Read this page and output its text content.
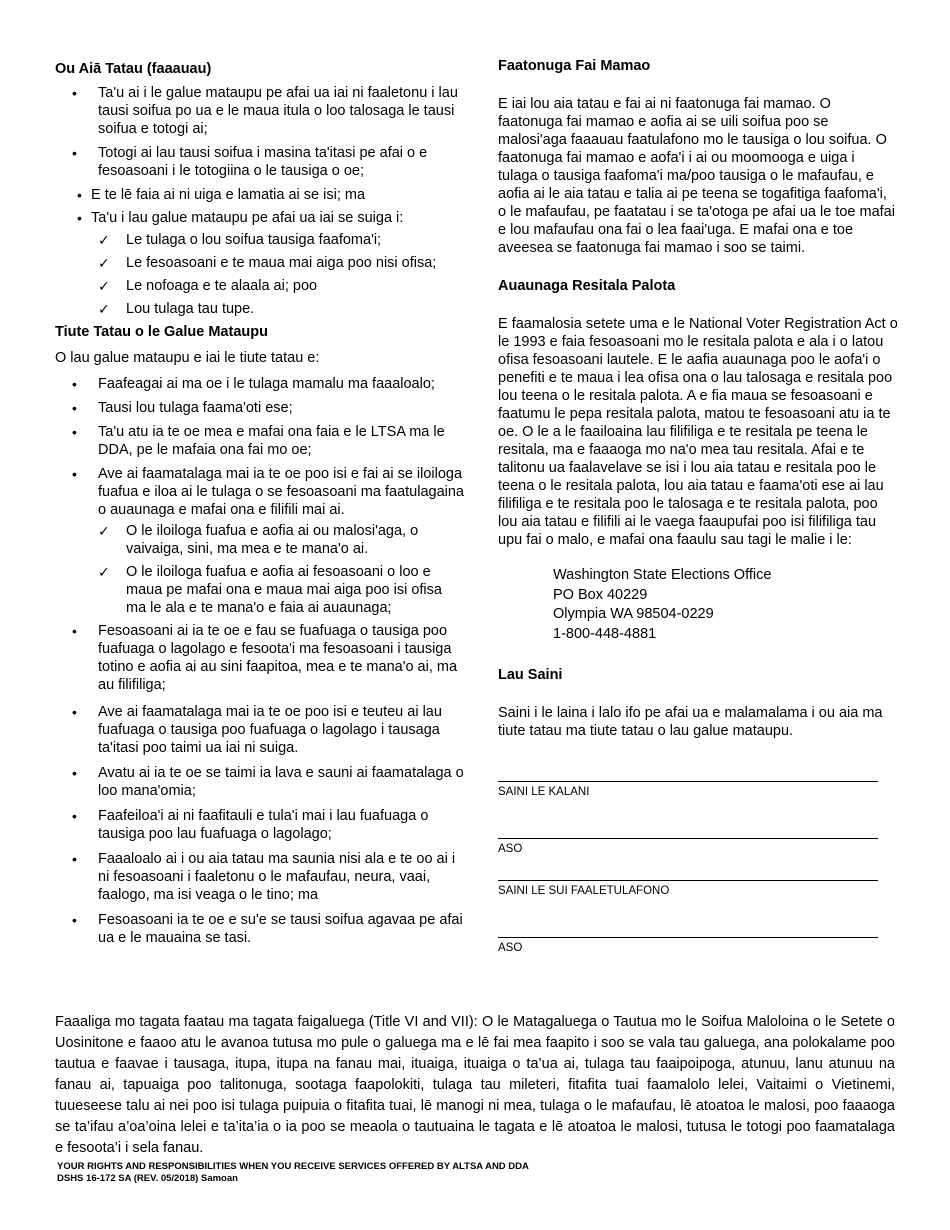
Ou Aiā Tatau (faaauau)
• Ta'u ai i le galue mataupu pe afai ua iai ni faaletonu i lau tausi soifua po ua e le maua itula o loo talosaga le tausi soifua e totogi ai;
• Totogi ai lau tausi soifua i masina ta'itasi pe afai o e fesoasoani i le totogiina o le tausiga o oe;
• E te lē faia ai ni uiga e lamatia ai se isi; ma
• Ta'u i lau galue mataupu pe afai ua iai se suiga i:
✓ Le tulaga o lou soifua tausiga faafoma'i;
✓ Le fesoasoani e te maua mai aiga poo nisi ofisa;
✓ Le nofoaga e te alaala ai; poo
✓ Lou tulaga tau tupe.
Tiute Tatau o le Galue Mataupu

O lau galue mataupu e iai le tiute tatau e:

• Faafeagai ai ma oe i le tulaga mamalu ma faaaloalo;
• Tausi lou tulaga faama'oti ese;
• Ta'u atu ia te oe mea e mafai ona faia e le LTSA ma le DDA, pe le mafaia ona fai mo oe;
• Ave ai faamatalaga mai ia te oe poo isi e fai ai se iloiloga fuafua e iloa ai le tulaga o se fesoasoani ma faatulagaina o auaunaga e mafai ona e filifili mai ai.
✓ O le iloiloga fuafua e aofia ai ou malosi'aga, o vaivaiga, sini, ma mea e te mana'o ai.
✓ O le iloiloga fuafua e aofia ai fesoasoani o loo e maua pe mafai ona e maua mai aiga poo isi ofisa ma le ala e te mana'o e faia ai auaunaga;
• Fesoasoani ai ia te oe e fau se fuafuaga o tausiga poo fuafuaga o lagolago e fesoota'i ma fesoasoani i tausiga totino e aofia ai au sini faapitoa, mea e te mana'o ai, ma au filifiliga;
• Ave ai faamatalaga mai ia te oe poo isi e teuteu ai lau fuafuaga o tausiga poo fuafuaga o lagolago i tausaga ta'itasi poo taimi ua iai ni suiga.
• Avatu ai ia te oe se taimi ia lava e sauni ai faamatalaga o loo mana'omia;
• Faafeiloa'i ai ni faafitauli e tula'i mai i lau fuafuaga o tausiga poo lau fuafuaga o lagolago;
• Faaaloalo ai i ou aia tatau ma saunia nisi ala e te oo ai i ni fesoasoani i faaletonu o le mafaufau, neura, vaai, faalogo, ma isi veaga o le tino; ma
• Fesoasoani ia te oe e su'e se tausi soifua agavaa pe afai ua e le mauaina se tasi.
Faatonuga Fai Mamao

E iai lou aia tatau e fai ai ni faatonuga fai mamao. O faatonuga fai mamao e aofia ai se uili soifua poo se malosi'aga faaauau faatulafono mo le tausiga o lou soifua. O faatonuga fai mamao e aofa'i i ai ou moomooga e uiga i tulaga o tausiga faafoma'i ma/poo tausiga o le mafaufau, e aofia ai le aia tatau e talia ai pe teena se togafitiga faafoma'i, o le mafaufau, pe faatatau i se ta'otoga pe afai ua le toe mafai e lou mafaufau ona fai o lea faai'uga. E mafai ona e toe aveesea se faatonuga fai mamao i soo se taimi.

Auaunaga Resitala Palota

E faamalosia setete uma e le National Voter Registration Act o le 1993 e faia fesoasoani mo le resitala palota e ala i o latou ofisa fesoasoani lautele. E le aafia auaunaga poo le aofa'i o penefiti e te maua i lea ofisa ona o lau talosaga e resitala poo lou teena o le resitala palota. A e fia maua se fesoasoani e faatumu le pepa resitala palota, matou te fesoasoani atu ia te oe. O le a le faailoaina lau filifiliga e te resitala pe teena le resitala, ma e faaaoga mo na'o mea tau resitala. Afai e te talitonu ua faalavelave se isi i lou aia tatau e resitala poo le teena o le resitala palota, lou aia tatau e faama'oti ese ai lau filifiliga e te resitala poo le talosaga e te resitala palota, poo lou aia tatau e filifili ai le vaega faaupufai poo isi filifiliga tau upu fai o malo, e mafai ona faaulu sau tagi le malie i le:

Washington State Elections Office
PO Box 40229
Olympia WA 98504-0229
1-800-448-4881
Lau Saini

Saini i le laina i lalo ifo pe afai ua e malamalama i ou aia ma tiute tatau ma tiute tatau o lau galue mataupu.

SAINI LE KALANI
ASO
SAINI LE SUI FAALETULAFONO
ASO

Faaaliga mo tagata faatau ma tagata faigaluega (Title VI and VII): O le Matagaluega o Tautua mo le Soifua Maloloina o le Setete o Uosinitone e faaoo atu le avanoa tutusa mo pule o galuega ma e lē fai mea faapito i soo se vala tau galuega, ana polokalame poo tautua e faavae i tausaga, itupa, itupa na fanau mai, ituaiga, ituaiga o ta’ua ai, tulaga tau faaipoipoga, atunuu, lanu atunuu na fanau ai, tapuaiga poo talitonuga, sootaga faapolokiti, tulaga tau mileteri, fitafita tuai faamalolo lelei, Vaitaimi o Vietinemi, tuueseese talu ai nei poo isi tulaga puipuia o fitafita tuai, lē manogi ni mea, tulaga o le mafaufau, lē atoatoa le malosi, poo faaaoga se ta’ifau a’oa’oina lelei e ta’ita’ia o ia poo se meaola o tautuaina le tagata e lē atoatoa le malosi, tutusa le totogi poo faamatalaga e fesoota’i i sela fanau.

YOUR RIGHTS AND RESPONSIBILITIES WHEN YOU RECEIVE SERVICES OFFERED BY ALTSA AND DDA
DSHS 16-172 SA (REV. 05/2018) Samoan
